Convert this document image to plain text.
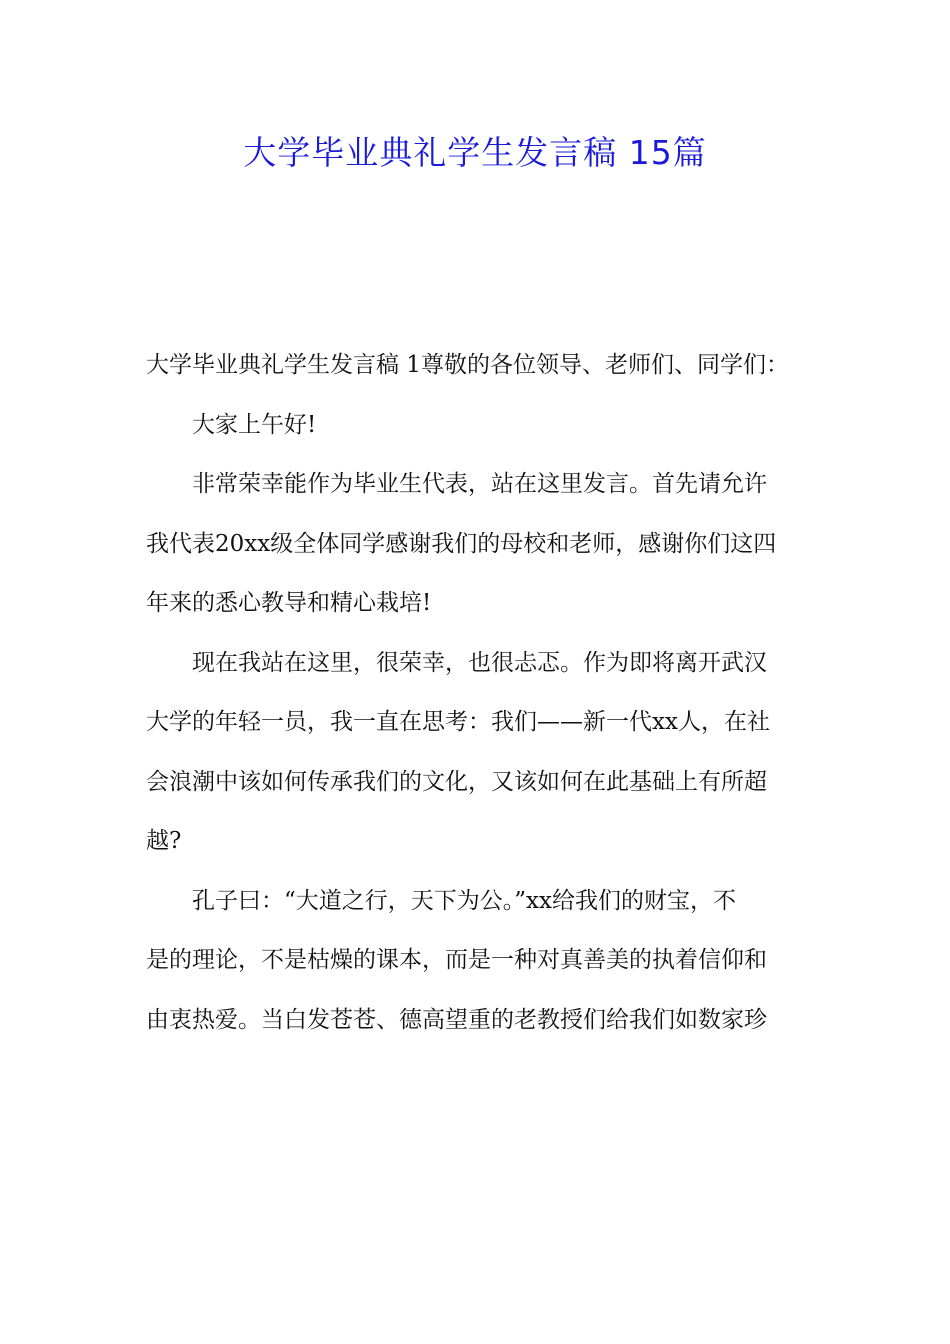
大学毕业典礼学生发言稿 15篇
大学毕业典礼学生发言稿 1尊敬的各位领导、老师们、同学们：
大家上午好!
非常荣幸能作为毕业生代表，站在这里发言。首先请允许
我代表20xx级全体同学感谢我们的母校和老师，感谢你们这四
年来的悉心教导和精心栽培!
现在我站在这里，很荣幸，也很忐忑。作为即将离开武汉
大学的年轻一员，我一直在思考：我们——新一代xx人，在社
会浪潮中该如何传承我们的文化，又该如何在此基础上有所超
越?
孔子曰：“大道之行，天下为公。”xx给我们的财宝，不
是的理论，不是枯燥的课本，而是一种对真善美的执着信仰和
由衷热爱。当白发苍苍、德高望重的老教授们给我们如数家珍
